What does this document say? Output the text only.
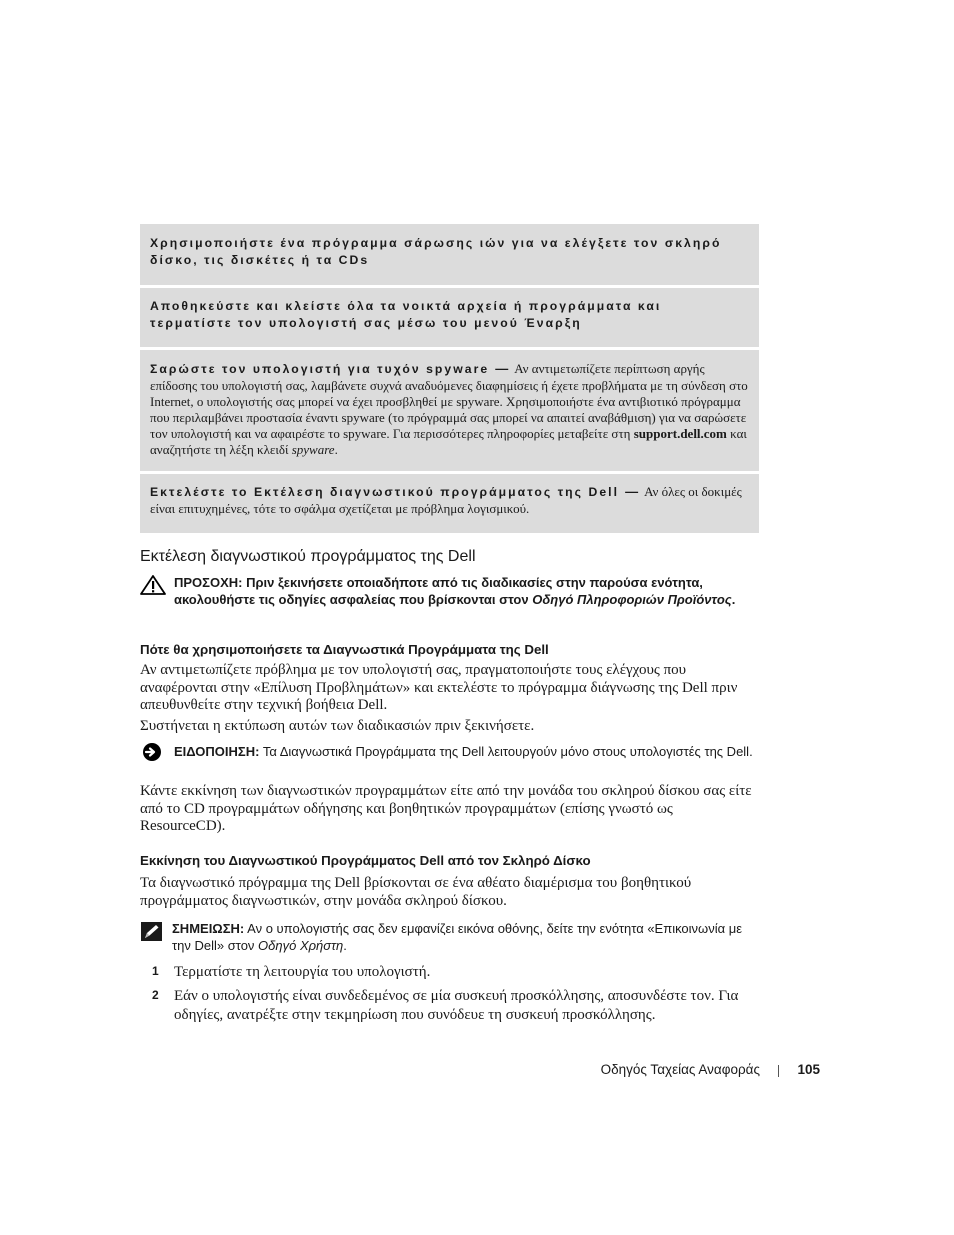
Χρησιμοποιήστε ένα πρόγραμμα σάρωσης ιών για να ελέγξετε τον σκληρό δίσκο, τις δισκέτες ή τα CDs
Αποθηκεύστε και κλείστε όλα τα νοικτά αρχεία ή προγράμματα και τερματίστε τον υπολογιστή σας μέσω του μενού Έναρξη
Σαρώστε τον υπολογιστή για τυχόν spyware — Αν αντιμετωπίζετε περίπτωση αργής επίδοσης του υπολογιστή σας, λαμβάνετε συχνά αναδυόμενες διαφημίσεις ή έχετε προβλήματα με τη σύνδεση στο Internet, ο υπολογιστής σας μπορεί να έχει προσβληθεί με spyware. Χρησιμοποιήστε ένα αντιβιοτικό πρόγραμμα που περιλαμβάνει προστασία έναντι spyware (το πρόγραμμά σας μπορεί να απαιτεί αναβάθμιση) για να σαρώσετε τον υπολογιστή και να αφαιρέστε το spyware. Για περισσότερες πληροφορίες μεταβείτε στη support.dell.com και αναζητήστε τη λέξη κλειδί spyware.
Εκτελέστε το Εκτέλεση διαγνωστικού προγράμματος της Dell — Αν όλες οι δοκιμές είναι επιτυχημένες, τότε το σφάλμα σχετίζεται με πρόβλημα λογισμικού.
Εκτέλεση διαγνωστικού προγράμματος της Dell
ΠΡΟΣΟΧΗ: Πριν ξεκινήσετε οποιαδήποτε από τις διαδικασίες στην παρούσα ενότητα, ακολουθήστε τις οδηγίες ασφαλείας που βρίσκονται στον Οδηγό Πληροφοριών Προϊόντος.
Πότε θα χρησιμοποιήσετε τα Διαγνωστικά Προγράμματα της Dell

Αν αντιμετωπίζετε πρόβλημα με τον υπολογιστή σας, πραγματοποιήστε τους ελέγχους που αναφέρονται στην «Επίλυση Προβλημάτων» και εκτελέστε το πρόγραμμα διάγνωσης της Dell πριν απευθυνθείτε στην τεχνική βοήθεια Dell.

Συστήνεται η εκτύπωση αυτών των διαδικασιών πριν ξεκινήσετε.

ΕΙΔΟΠΟΙΗΣΗ: Τα Διαγνωστικά Προγράμματα της Dell λειτουργούν μόνο στους υπολογιστές της Dell.

Κάντε εκκίνηση των διαγνωστικών προγραμμάτων είτε από την μονάδα του σκληρού δίσκου σας είτε από το CD προγραμμάτων οδήγησης και βοηθητικών προγραμμάτων (επίσης γνωστό ως ResourceCD).

Εκκίνηση του Διαγνωστικού Προγράμματος Dell από τον Σκληρό Δίσκο

Τα διαγνωστικό πρόγραμμα της Dell βρίσκονται σε ένα αθέατο διαμέρισμα του βοηθητικού προγράμματος διαγνωστικών, στην μονάδα σκληρού δίσκου.

ΣΗΜΕΙΩΣΗ: Αν ο υπολογιστής σας δεν εμφανίζει εικόνα οθόνης, δείτε την ενότητα «Επικοινωνία με την Dell» στον Οδηγό Χρήστη.
1 Τερματίστε τη λειτουργία του υπολογιστή.
2 Εάν ο υπολογιστής είναι συνδεδεμένος σε μία συσκευή προσκόλλησης, αποσυνδέστε τον. Για οδηγίες, ανατρέξτε στην τεκμηρίωση που συνόδευε τη συσκευή προσκόλλησης.
Οδηγός Ταχείας Αναφοράς	105
